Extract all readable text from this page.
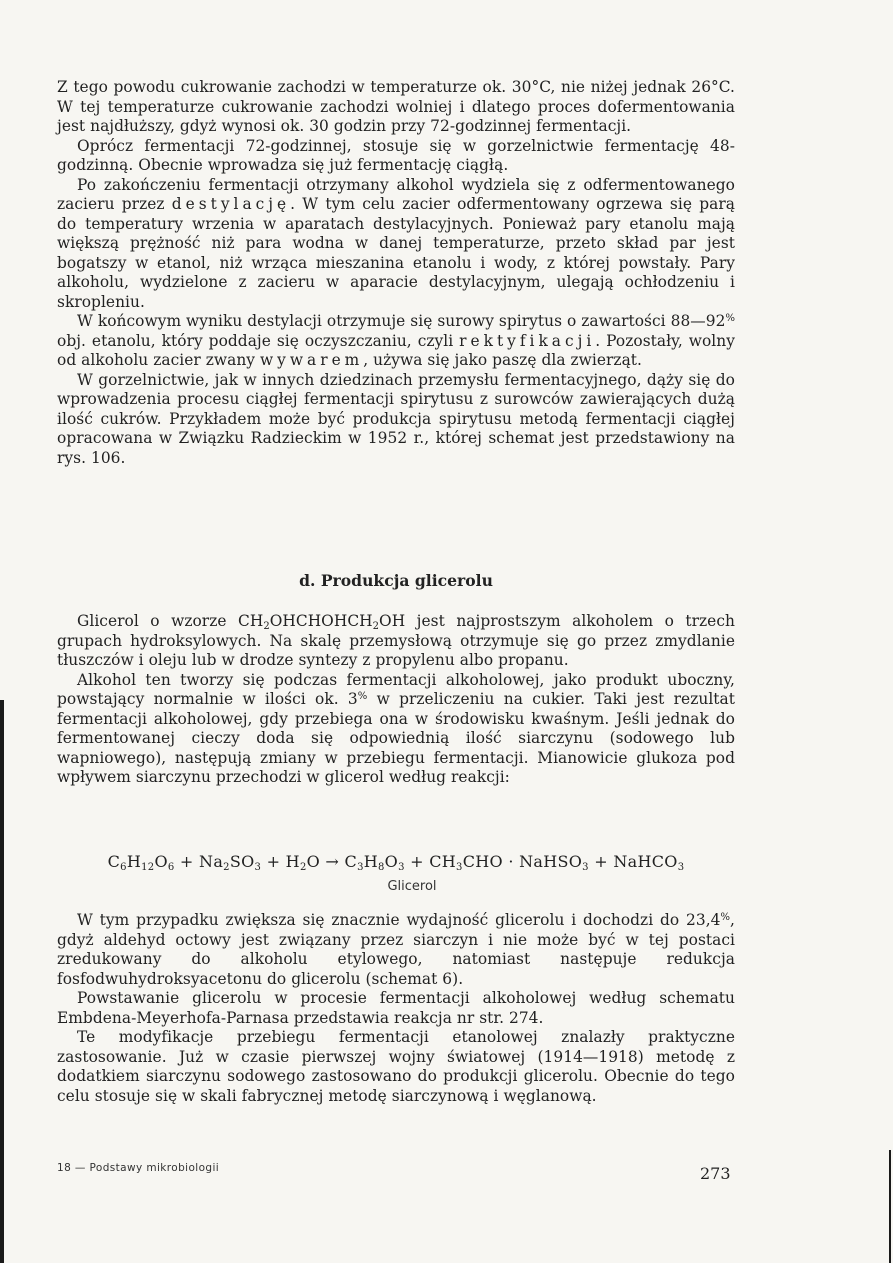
Z tego powodu cukrowanie zachodzi w temperaturze ok. 30°C, nie niżej jednak 26°C. W tej temperaturze cukrowanie zachodzi wolniej i dlatego proces dofermentowania jest najdłuższy, gdyż wynosi ok. 30 godzin przy 72-godzinnej fermentacji.

Oprócz fermentacji 72-godzinnej, stosuje się w gorzelnictwie fermentację 48-godzinną. Obecnie wprowadza się już fermentację ciągłą.

Po zakończeniu fermentacji otrzymany alkohol wydziela się z odfermentowanego zacieru przez destylację. W tym celu zacier odfermentowany ogrzewa się parą do temperatury wrzenia w aparatach destylacyjnych. Ponieważ pary etanolu mają większą prężność niż para wodna w danej temperaturze, przeto skład par jest bogatszy w etanol, niż wrząca mieszanina etanolu i wody, z której powstały. Pary alkoholu, wydzielone z zacieru w aparacie destylacyjnym, ulegają ochłodzeniu i skropleniu.

W końcowym wyniku destylacji otrzymuje się surowy spirytus o zawartości 88—92% obj. etanolu, który poddaje się oczyszczaniu, czyli rektyfikacji. Pozostały, wolny od alkoholu zacier zwany wywarem, używa się jako paszę dla zwierząt.

W gorzelnictwie, jak w innych dziedzinach przemysłu fermentacyjnego, dąży się do wprowadzenia procesu ciągłej fermentacji spirytusu z surowców zawierających dużą ilość cukrów. Przykładem może być produkcja spirytusu metodą fermentacji ciągłej opracowana w Związku Radzieckim w 1952 r., której schemat jest przedstawiony na rys. 106.

d. Produkcja glicerolu

Glicerol o wzorze $CH_2OHCHOHCH_2OH$ jest najprostszym alkoholem o trzech grupach hydroksylowych. Na skalę przemysłową otrzymuje się go przez zmydlanie tłuszczów i oleju lub w drodze syntezy z propylenu albo propanu.

Alkohol ten tworzy się podczas fermentacji alkoholowej, jako produkt uboczny, powstający normalnie w ilości ok. 3% w przeliczeniu na cukier. Taki jest rezultat fermentacji alkoholowej, gdy przebiega ona w środowisku kwaśnym. Jeśli jednak do fermentowanej cieczy doda się odpowiednią ilość siarczynu (sodowego lub wapniowego), następują zmiany w przebiegu fermentacji. Mianowicie glukoza pod wpływem siarczynu przechodzi w glicerol według reakcji:

$C_6H_{12}O_6 + Na_2SO_3 + H_2O \to C_3H_8O_3 + CH_3CHO$ · NaHSO$_3$ + NaHCO$_3$
Glicerol

W tym przypadku zwiększa się znacznie wydajność glicerolu i dochodzi do 23,4%, gdyż aldehyd octowy jest związany przez siarczyn i nie może być w tej postaci zredukowany do alkoholu etylowego, natomiast następuje redukcja fosfodwuhydroksyacetonu do glicerolu (schemat 6).

Powstawanie glicerolu w procesie fermentacji alkoholowej według schematu Embdena-Meyerhofa-Parnasa przedstawia reakcja nr str. 274.

Te modyfikacje przebiegu fermentacji etanolowej znalazły praktyczne zastosowanie. Już w czasie pierwszej wojny światowej (1914—1918) metodę z dodatkiem siarczynu sodowego zastosowano do produkcji glicerolu. Obecnie do tego celu stosuje się w skali fabrycznej metodę siarczynową i węglanową.

18 — Podstawy mikrobiologii	273
